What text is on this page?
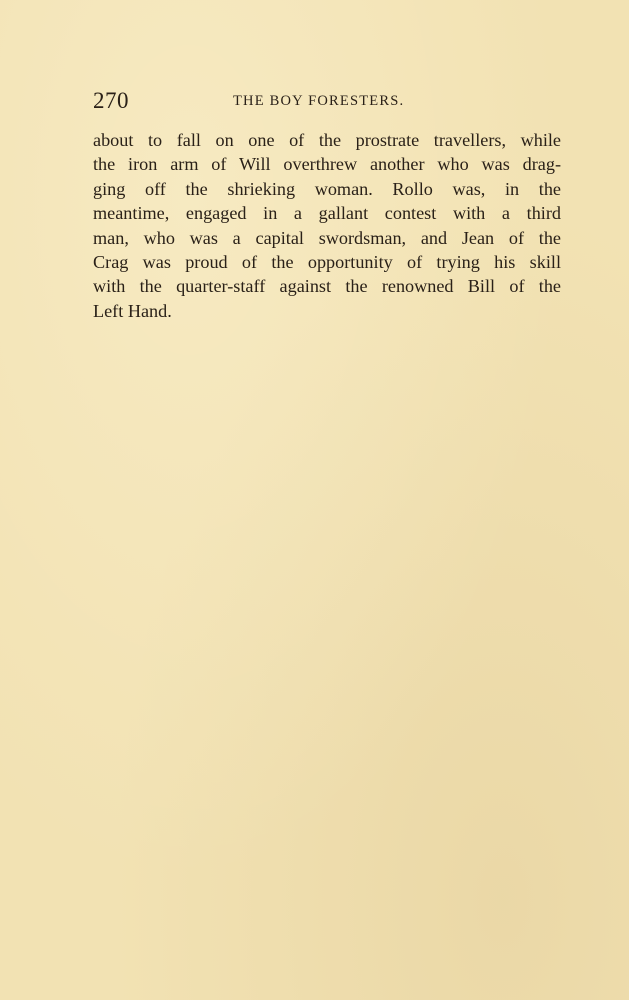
270	THE BOY FORESTERS.
about to fall on one of the prostrate travellers, while
the iron arm of Will overthrew another who was drag-
ging off the shrieking woman. Rollo was, in the
meantime, engaged in a gallant contest with a third
man, who was a capital swordsman, and Jean of the
Crag was proud of the opportunity of trying his skill
with the quarter-staff against the renowned Bill of the
Left Hand.
